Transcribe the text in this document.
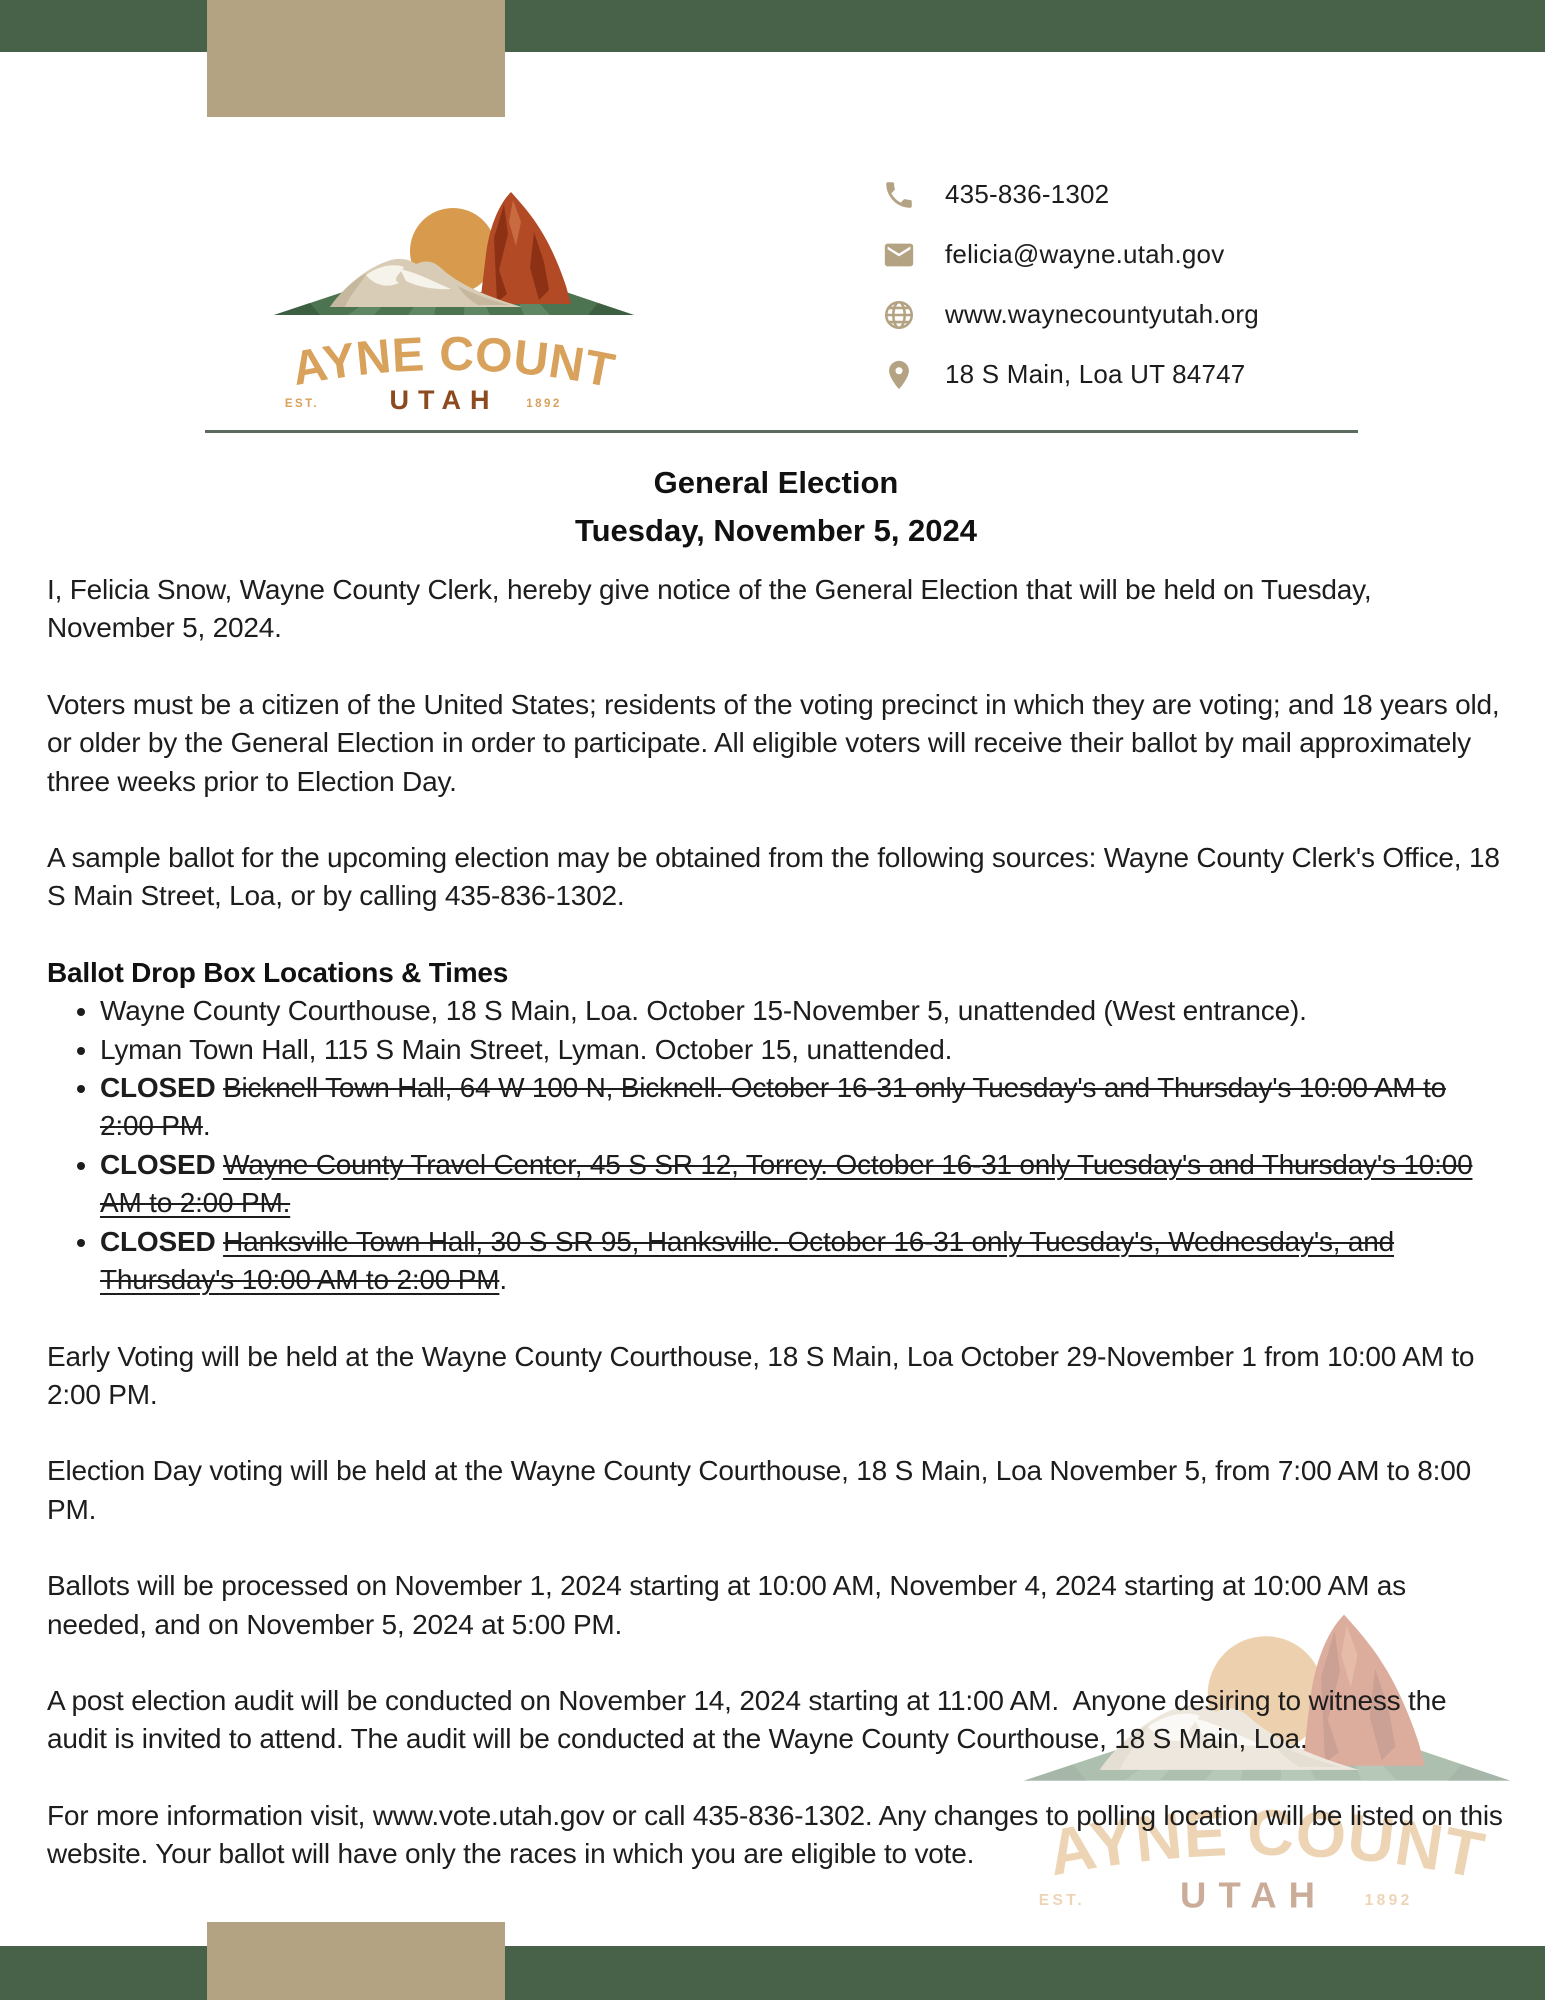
435-836-1302
felicia@wayne.utah.gov
www.waynecountyutah.org
18 S Main, Loa UT 84747
General Election
Tuesday, November 5, 2024

I, Felicia Snow, Wayne County Clerk, hereby give notice of the General Election that will be held on Tuesday, November 5, 2024.

Voters must be a citizen of the United States; residents of the voting precinct in which they are voting; and 18 years old, or older by the General Election in order to participate. All eligible voters will receive their ballot by mail approximately three weeks prior to Election Day.

A sample ballot for the upcoming election may be obtained from the following sources: Wayne County Clerk's Office, 18 S Main Street, Loa, or by calling 435-836-1302.

Ballot Drop Box Locations & Times
• Wayne County Courthouse, 18 S Main, Loa. October 15-November 5, unattended (West entrance).
• Lyman Town Hall, 115 S Main Street, Lyman. October 15, unattended.
• CLOSED Bicknell Town Hall, 64 W 100 N, Bicknell. October 16-31 only Tuesday's and Thursday's 10:00 AM to 2:00 PM.
• CLOSED Wayne County Travel Center, 45 S SR 12, Torrey. October 16-31 only Tuesday's and Thursday's 10:00 AM to 2:00 PM.
• CLOSED Hanksville Town Hall, 30 S SR 95, Hanksville. October 16-31 only Tuesday's, Wednesday's, and Thursday's 10:00 AM to 2:00 PM.

Early Voting will be held at the Wayne County Courthouse, 18 S Main, Loa October 29-November 1 from 10:00 AM to 2:00 PM.

Election Day voting will be held at the Wayne County Courthouse, 18 S Main, Loa November 5, from 7:00 AM to 8:00 PM.

Ballots will be processed on November 1, 2024 starting at 10:00 AM, November 4, 2024 starting at 10:00 AM as needed, and on November 5, 2024 at 5:00 PM.

A post election audit will be conducted on November 14, 2024 starting at 11:00 AM.  Anyone desiring to witness the audit is invited to attend. The audit will be conducted at the Wayne County Courthouse, 18 S Main, Loa.

For more information visit, www.vote.utah.gov or call 435-836-1302. Any changes to polling location will be listed on this website. Your ballot will have only the races in which you are eligible to vote.
